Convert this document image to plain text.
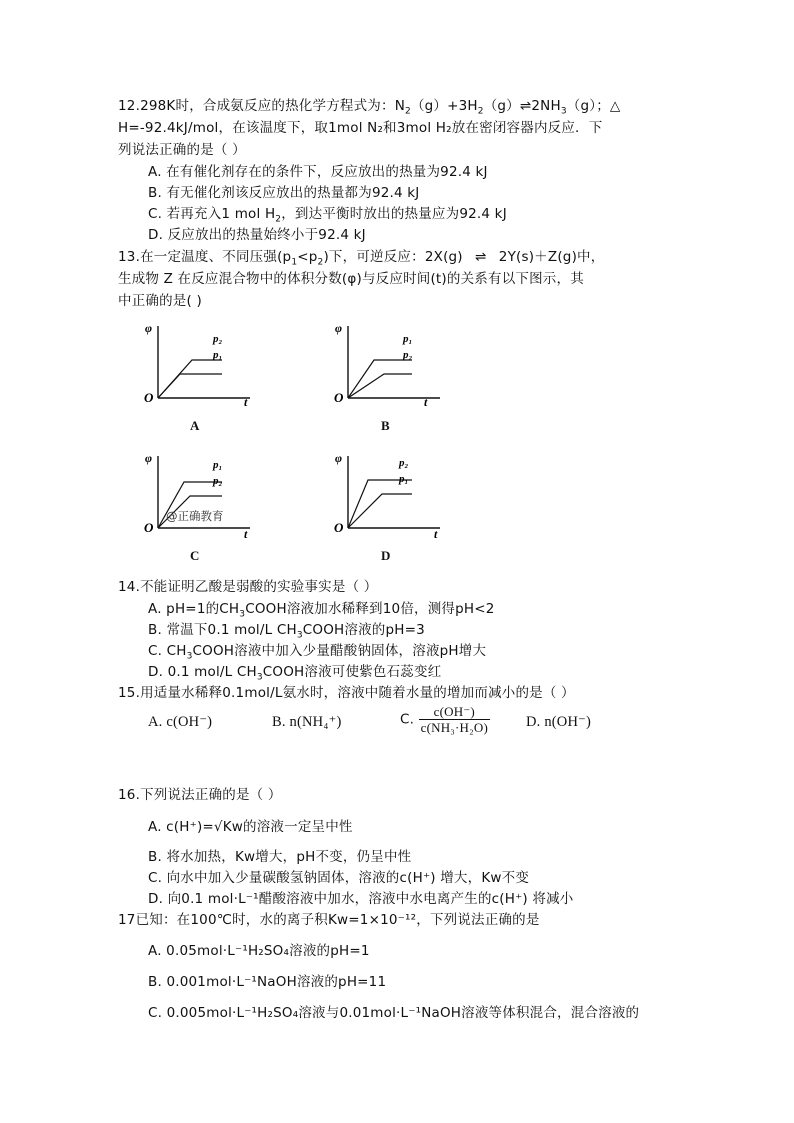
12.298K时，合成氨反应的热化学方程式为：$N_2(g)+3H_2(g)\rightleftharpoons 2NH_3(g)$；△
H=-92.4kJ/mol，在该温度下，取1mol N₂和3mol H₂放在密闭容器内反应．下
列说法正确的是（ ）
A. 在有催化剂存在的条件下，反应放出的热量为92.4 kJ
B. 有无催化剂该反应放出的热量都为92.4 kJ
C. 若再充入1 mol $H_2$，到达平衡时放出的热量应为92.4 kJ
D. 反应放出的热量始终小于92.4 kJ
13.在一定温度、不同压强$(p_1<p_2)$下，可逆反应：2X(g) ⇌ 2Y(s)＋Z(g)中，
生成物 Z 在反应混合物中的体积分数(φ)与反应时间(t)的关系有以下图示，其
中正确的是( )
φ
O	t
p₂
p₁
A
φ
O	t
p₁
p₂
B
φ
O	t
p₁
p₂
@正确教育
C
φ
O	t
p₂
p₁
D
14.不能证明乙酸是弱酸的实验事实是（ ）
A. pH=1的$CH_3COOH$溶液加水稀释到10倍，测得pH<2
B. 常温下0.1 mol/L $CH_3COOH$溶液的pH=3
C. $CH_3COOH$溶液中加入少量醋酸钠固体，溶液pH增大
D. 0.1 mol/L $CH_3COOH$溶液可使紫色石蕊变红
15.用适量水稀释0.1mol/L氨水时，溶液中随着水量的增加而减小的是（ ）
A. c(OH⁻)	B. n(NH₄⁺)	C. $\frac{c(OH^-)}{\text{c(NH₃·H₂O)}} D$. n(OH⁻)
16.下列说法正确的是（ ）
A. c(H⁺)=√Kw的溶液一定呈中性
B. 将水加热，Kw增大，pH不变，仍呈中性
C. 向水中加入少量碳酸氢钠固体，溶液的c(H⁺) 增大，Kw不变
D. 向0.1 mol·L⁻¹醋酸溶液中加水，溶液中水电离产生的c(H⁺) 将减小
17已知：在100℃时，水的离子积Kw=1×10⁻¹²，下列说法正确的是
A. 0.05mol·L⁻¹H₂SO₄溶液的pH=1
B. 0.001mol·L⁻¹NaOH溶液的pH=11
C. 0.005mol·L⁻¹H₂SO₄溶液与0.01mol·L⁻¹NaOH溶液等体积混合，混合溶液的
